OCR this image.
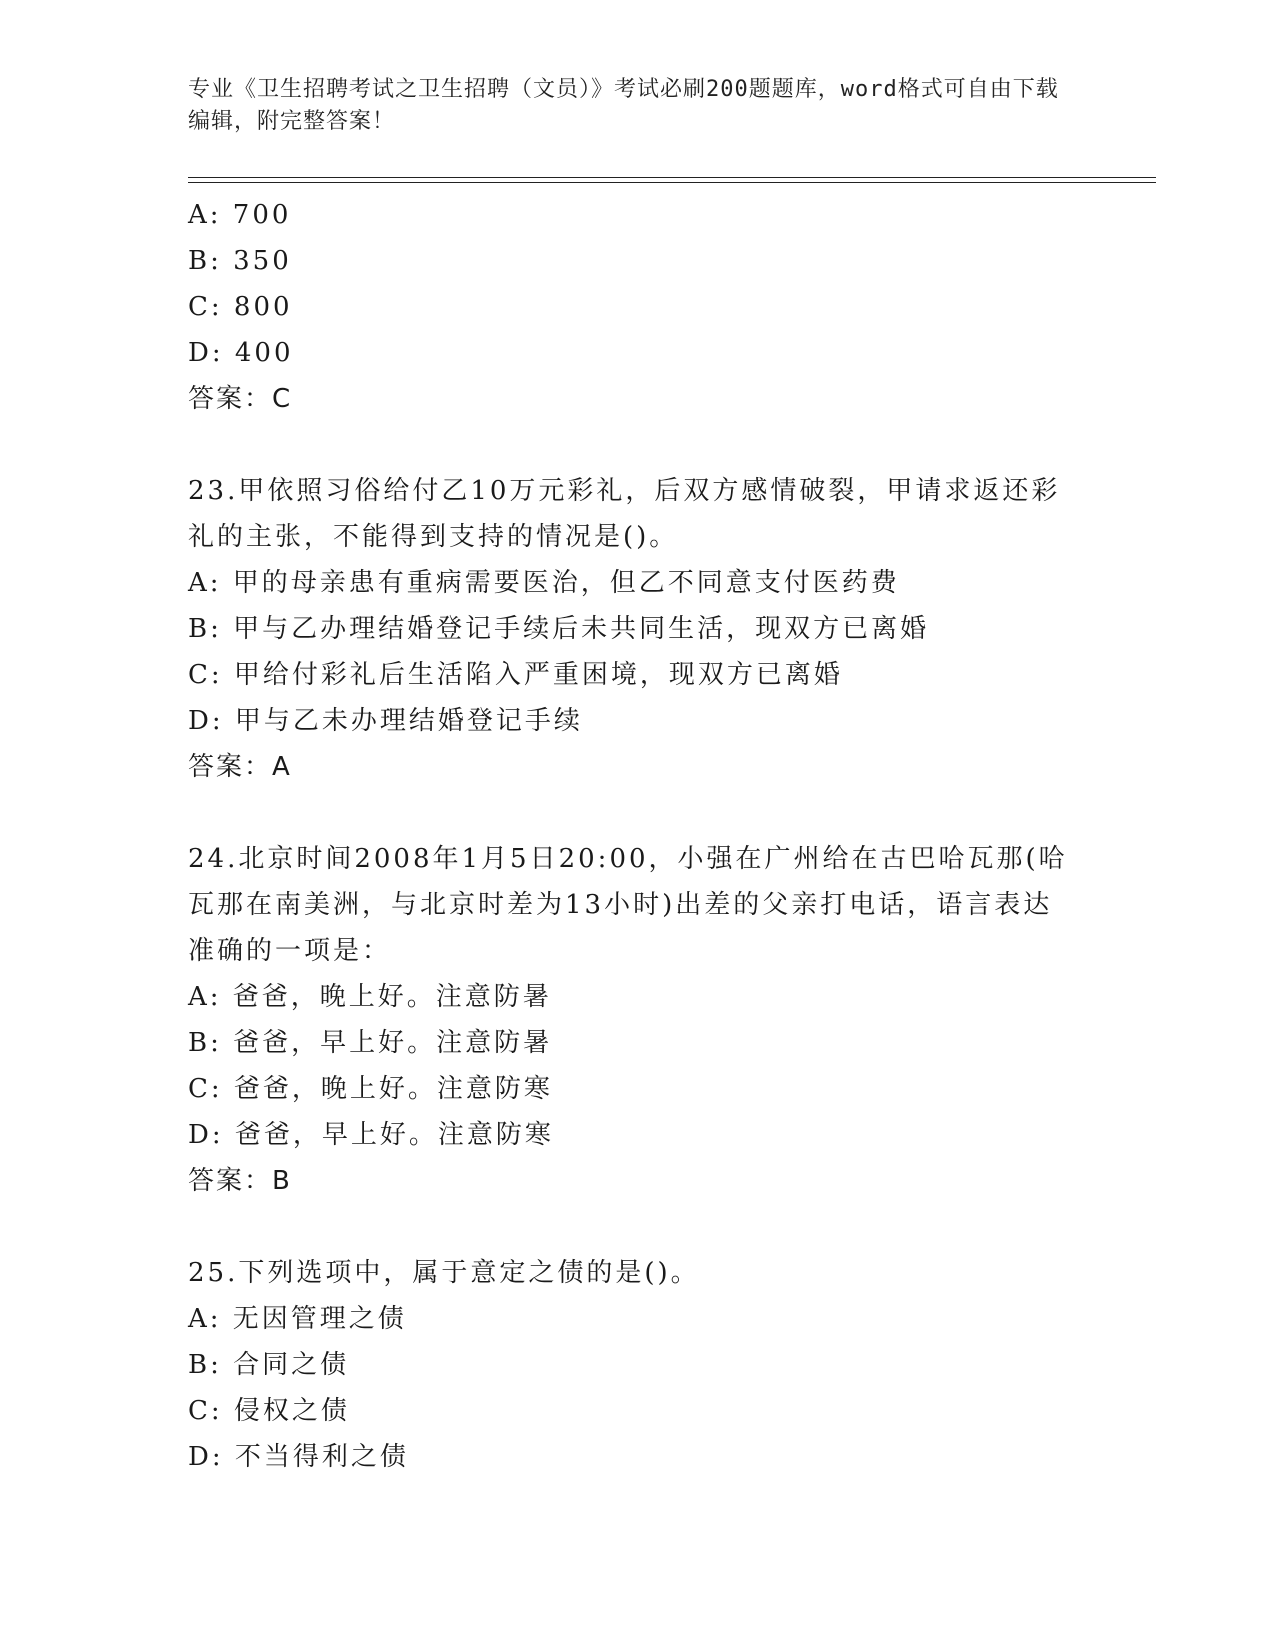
专业《卫生招聘考试之卫生招聘（文员）》考试必刷200题题库，word格式可自由下载编辑，附完整答案！
A: 700
B: 350
C: 800
D: 400
答案：C
23.甲依照习俗给付乙10万元彩礼，后双方感情破裂，甲请求返还彩礼的主张，不能得到支持的情况是()。
A: 甲的母亲患有重病需要医治，但乙不同意支付医药费
B: 甲与乙办理结婚登记手续后未共同生活，现双方已离婚
C: 甲给付彩礼后生活陷入严重困境，现双方已离婚
D: 甲与乙未办理结婚登记手续
答案：A
24.北京时间2008年1月5日20:00，小强在广州给在古巴哈瓦那(哈瓦那在南美洲，与北京时差为13小时)出差的父亲打电话，语言表达准确的一项是：
A: 爸爸，晚上好。注意防暑
B: 爸爸，早上好。注意防暑
C: 爸爸，晚上好。注意防寒
D: 爸爸，早上好。注意防寒
答案：B
25.下列选项中，属于意定之债的是()。
A: 无因管理之债
B: 合同之债
C: 侵权之债
D: 不当得利之债
